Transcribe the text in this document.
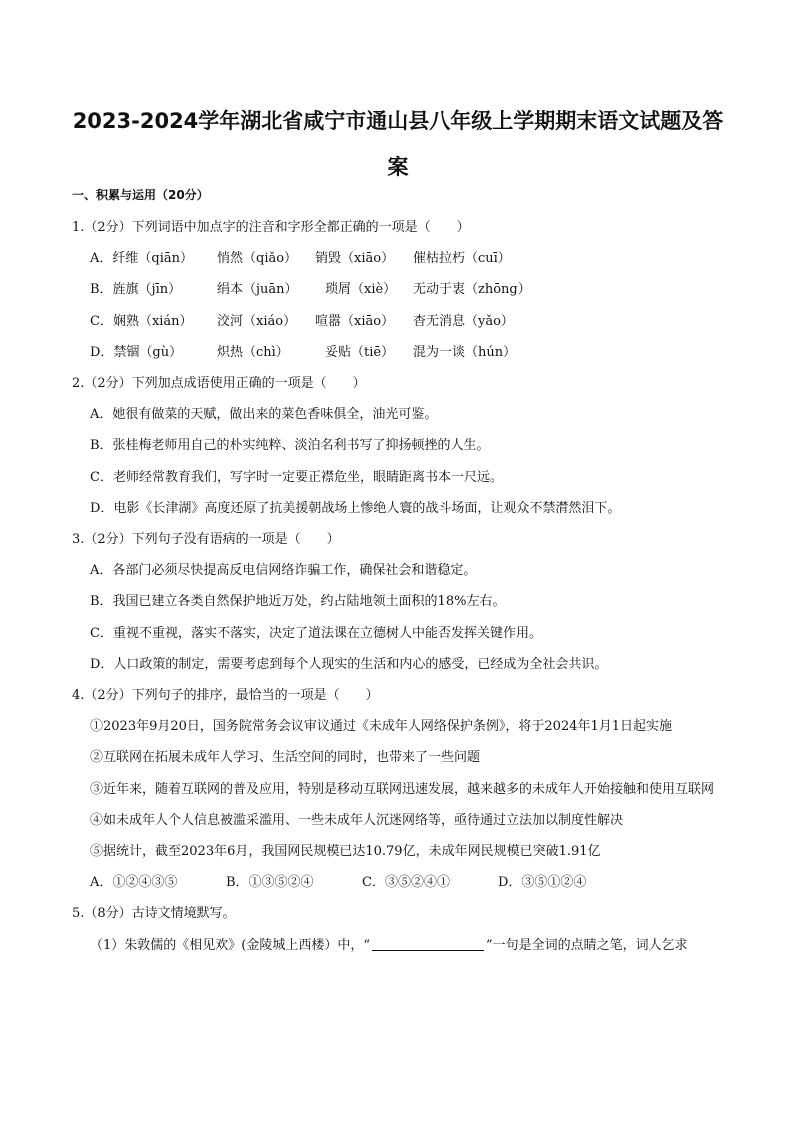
2023-2024学年湖北省咸宁市通山县八年级上学期期末语文试题及答案
一、积累与运用（20分）
1.（2分）下列词语中加点字的注音和字形全都正确的一项是（　　）
A．纤维（qiān） 悄然（qiǎo） 销毁（xiāo） 催枯拉朽（cuī）
B．旌旗（jīn）	绢本（juān） 琐屑（xiè） 无动于衷（zhōng）
C．娴熟（xián） 洨河（xiáo） 喧嚣（xiāo） 杳无消息（yǎo）
D．禁锢（gù）	炽热（chì）	妥贴（tiē） 混为一谈（hún）
2.（2分）下列加点成语使用正确的一项是（　　）
A．她很有做菜的天赋，做出来的菜色香味俱全，油光可鉴。
B．张桂梅老师用自己的朴实纯粹、淡泊名利书写了抑扬顿挫的人生。
C．老师经常教育我们，写字时一定要正襟危坐，眼睛距离书本一尺远。
D．电影《长津湖》高度还原了抗美援朝战场上惨绝人寰的战斗场面，让观众不禁潸然泪下。
3.（2分）下列句子没有语病的一项是（　　）
A．各部门必须尽快提高反电信网络诈骗工作，确保社会和谐稳定。
B．我国已建立各类自然保护地近万处，约占陆地领土面积的18%左右。
C．重视不重视，落实不落实，决定了道法课在立德树人中能否发挥关键作用。
D．人口政策的制定，需要考虑到每个人现实的生活和内心的感受，已经成为全社会共识。
4.（2分）下列句子的排序，最恰当的一项是（　　）
①2023年9月20日，国务院常务会议审议通过《未成年人网络保护条例》，将于2024年1月1日起实施
②互联网在拓展未成年人学习、生活空间的同时，也带来了一些问题
③近年来，随着互联网的普及应用，特别是移动互联网迅速发展，越来越多的未成年人开始接触和使用互联网
④如未成年人个人信息被滥采滥用、一些未成年人沉迷网络等，亟待通过立法加以制度性解决
⑤据统计，截至2023年6月，我国网民规模已达10.79亿，未成年网民规模已突破1.91亿
A．①②④③⑤	B．①③⑤②④	C．③⑤②④①	D．③⑤①②④
5.（8分）古诗文情境默写。
（1）朱敦儒的《相见欢》(金陵城上西楼）中，“	”一句是全词的点睛之笔，词人乞求
